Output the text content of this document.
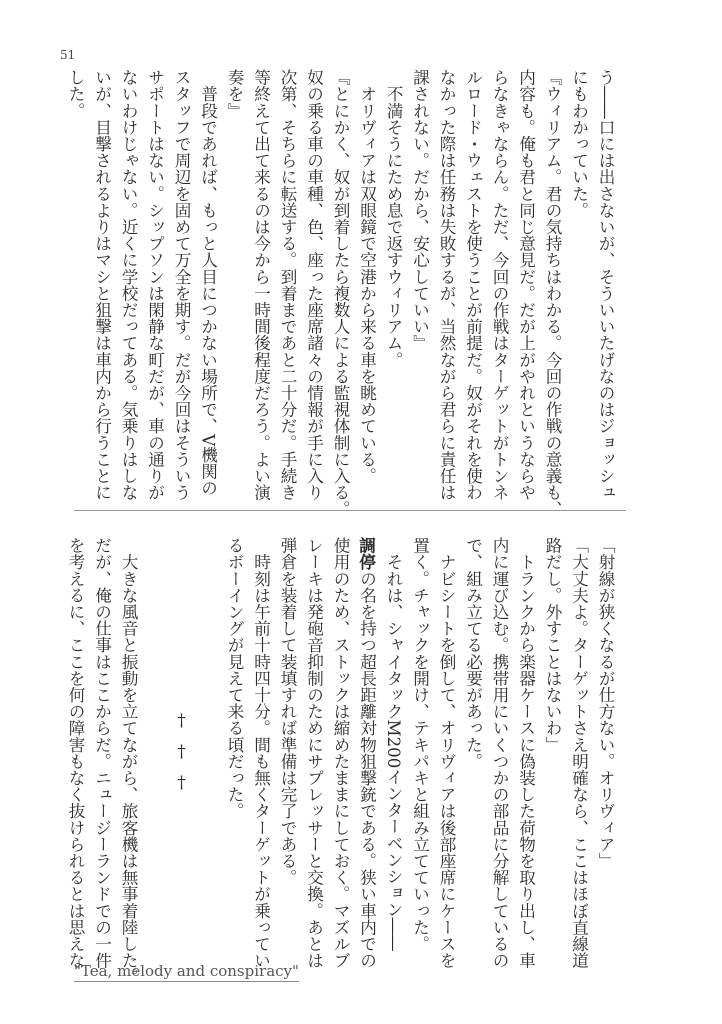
51
う――口には出さないが、そういいたげなのはジョッシュ
にもわかっていた。
『ウィリアム。君の気持ちはわかる。今回の作戦の意義も、
内容も。俺も君と同じ意見だ。だが上がやれというならや
らなきゃならん。ただ、今回の作戦はターゲットがトンネ
ルロード・ウェストを使うことが前提だ。奴がそれを使わ
なかった際は任務は失敗するが、当然ながら君らに責任は
課されない。だから、安心していい』
　不満そうにため息で返すウィリアム。
　オリヴィアは双眼鏡で空港から来る車を眺めている。
『とにかく、奴が到着したら複数人による監視体制に入る。
奴の乗る車の車種、色、座った座席諸々の情報が手に入り
次第、そちらに転送する。到着まであと二十分だ。手続き
等終えて出て来るのは今から一時間後程度だろう。よい演
奏を』
　普段であれば、もっと人目につかない場所で、V機関の
スタッフで周辺を固めて万全を期す。だが今回はそういう
サポートはない。シップソンは閑静な町だが、車の通りが
ないわけじゃない。近くに学校だってある。気乗りはしな
いが、目撃されるよりはマシと狙撃は車内から行うことに
した。
「射線が狭くなるが仕方ない。オリヴィア」
「大丈夫よ。ターゲットさえ明確なら、ここはほぼ直線道
路だし。外すことはないわ」
　トランクから楽器ケースに偽装した荷物を取り出し、車
内に運び込む。携帯用にいくつかの部品に分解しているの
で、組み立てる必要があった。
　ナビシートを倒して、オリヴィアは後部座席にケースを
置く。チャックを開け、テキパキと組み立てていった。
　それは、シャイタックM200インターベンション――
調停の名を持つ超長距離対物狙撃銃である。狭い車内での
使用のため、ストックは縮めたままにしておく。マズルブ
レーキは発砲音抑制のためにサプレッサーと交換。あとは
弾倉を装着して装填すれば準備は完了である。
　時刻は午前十時四十分。間も無くターゲットが乗ってい
るボーイングが見えて来る頃だった。

†††

　大きな風音と振動を立てながら、旅客機は無事着陸した。
だが、俺の仕事はここからだ。ニュージーランドでの一件
を考えるに、ここを何の障害もなく抜けられるとは思えな
"Tea, melody and conspiracy"
